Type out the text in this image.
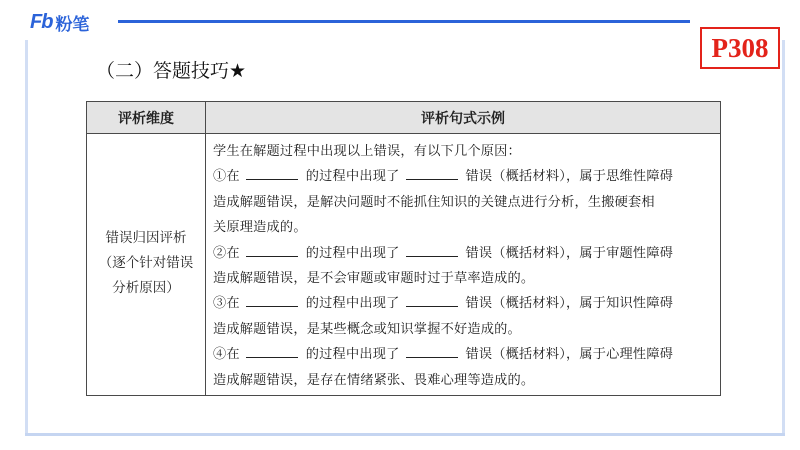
Fb 粉笔
P308
（二）答题技巧★
评析维度	评析句式示例
错误归因评析
（逐个针对错误
分析原因）
学生在解题过程中出现以上错误，有以下几个原因：
①在	的过程中出现了	错误（概括材料），属于思维性障碍
造成解题错误，是解决问题时不能抓住知识的关键点进行分析，生搬硬套相
关原理造成的。
②在	的过程中出现了	错误（概括材料），属于审题性障碍
造成解题错误，是不会审题或审题时过于草率造成的。
③在	的过程中出现了	错误（概括材料），属于知识性障碍
造成解题错误，是某些概念或知识掌握不好造成的。
④在	的过程中出现了	错误（概括材料），属于心理性障碍
造成解题错误，是存在情绪紧张、畏难心理等造成的。
